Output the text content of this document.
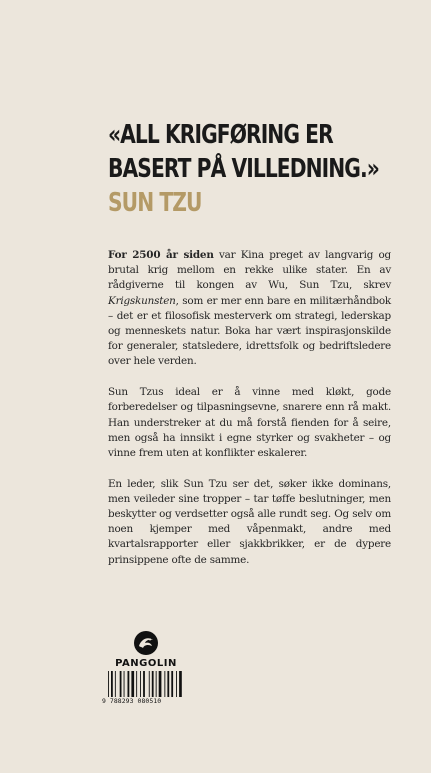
«ALL KRIGFØRING ER
BASERT PÅ VILLEDNING.»
SUN TZU

For 2500 år siden var Kina preget av langvarig og brutal krig mellom en rekke ulike stater. En av rådgiverne til kongen av Wu, Sun Tzu, skrev Krigskunsten, som er mer enn bare en militærhåndbok – det er et filosofisk mesterverk om strategi, lederskap og menneskets natur. Boka har vært inspirasjonskilde for generaler, statsledere, idrettsfolk og bedriftsledere over hele verden.

Sun Tzus ideal er å vinne med kløkt, gode forberedelser og tilpasningsevne, snarere enn rå makt. Han understreker at du må forstå fienden for å seire, men også ha innsikt i egne styrker og svakheter – og vinne frem uten at konflikter eskalerer.

En leder, slik Sun Tzu ser det, søker ikke dominans, men veileder sine tropper – tar tøffe beslutninger, men beskytter og verdsetter også alle rundt seg. Og selv om noen kjemper med våpenmakt, andre med kvartalsrapporter eller sjakkbrikker, er de dypere prinsippene ofte de samme.

PANGOLIN
9 788293 080510
